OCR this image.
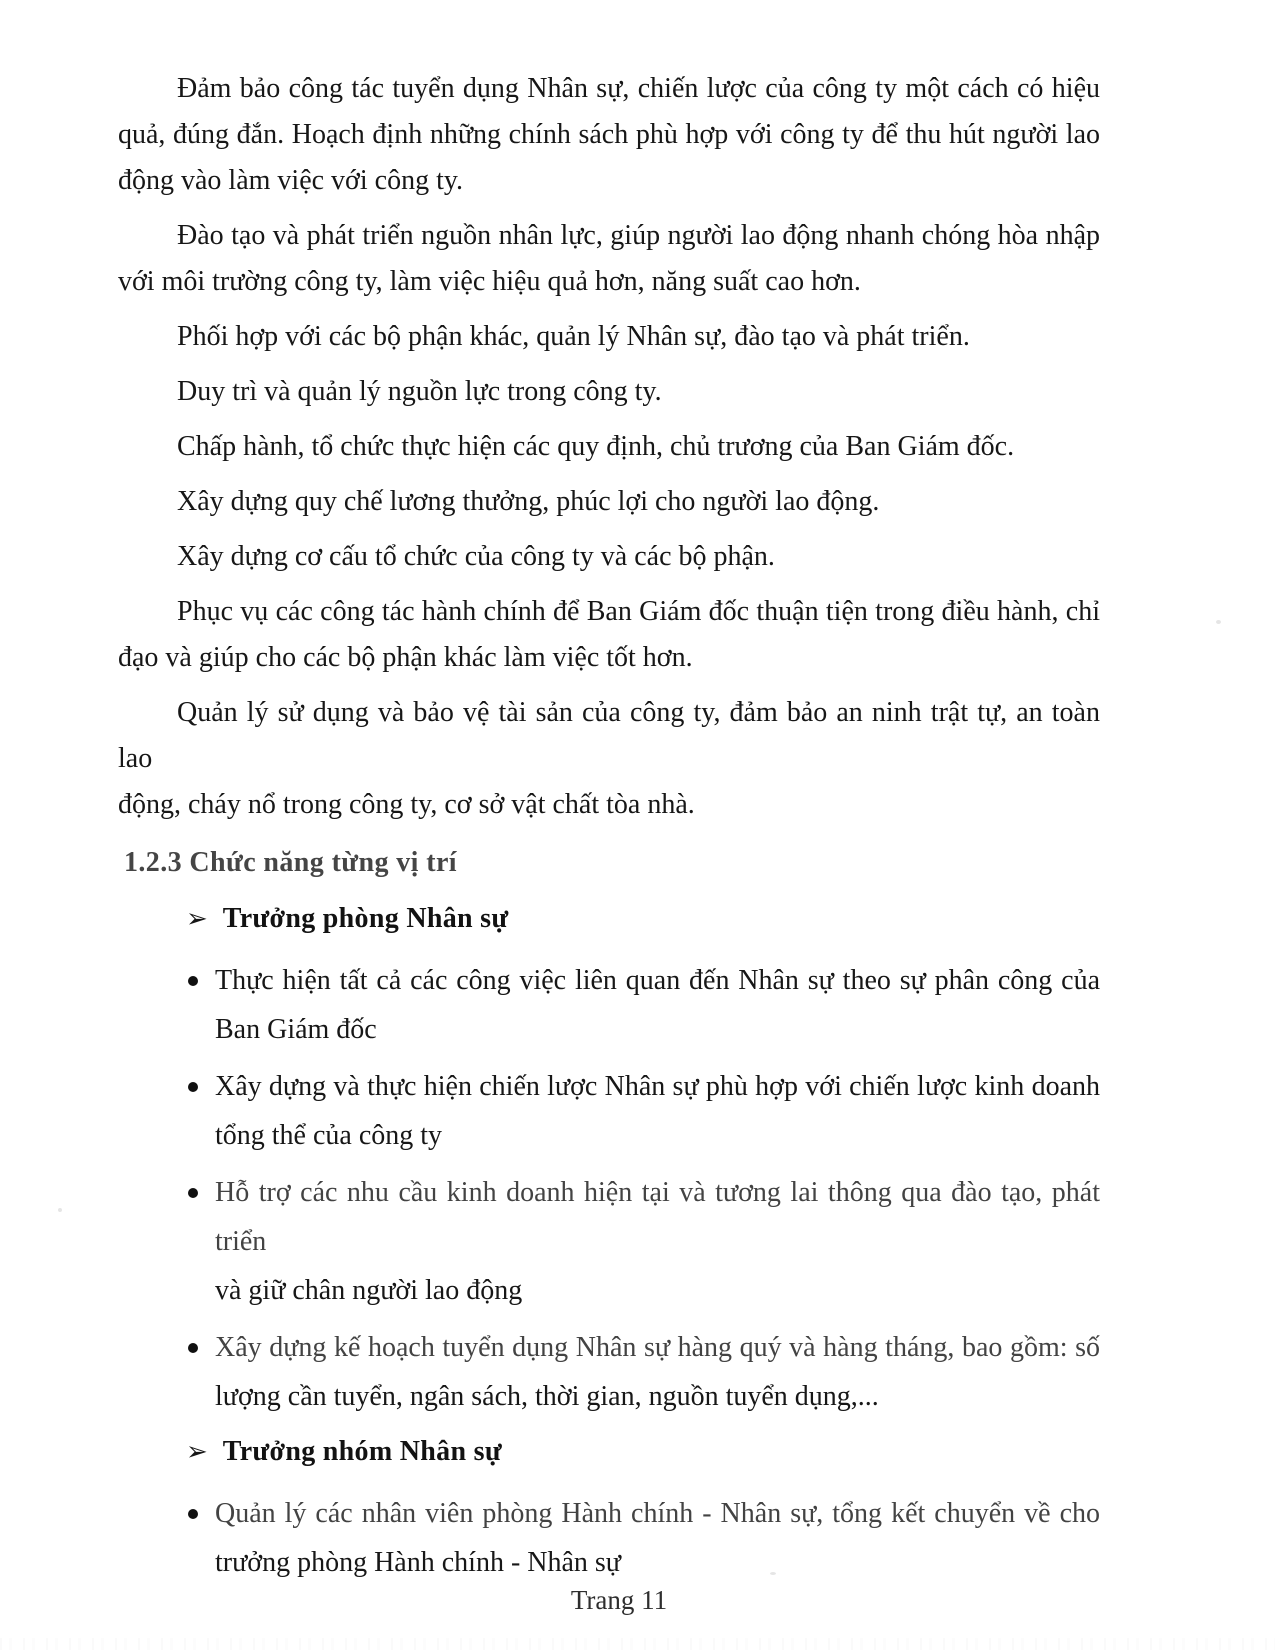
Đảm bảo công tác tuyển dụng Nhân sự, chiến lược của công ty một cách có hiệu
quả, đúng đắn. Hoạch định những chính sách phù hợp với công ty để thu hút người lao
động vào làm việc với công ty.
Đào tạo và phát triển nguồn nhân lực, giúp người lao động nhanh chóng hòa nhập
với môi trường công ty, làm việc hiệu quả hơn, năng suất cao hơn.
Phối hợp với các bộ phận khác, quản lý Nhân sự, đào tạo và phát triển.
Duy trì và quản lý nguồn lực trong công ty.
Chấp hành, tổ chức thực hiện các quy định, chủ trương của Ban Giám đốc.
Xây dựng quy chế lương thưởng, phúc lợi cho người lao động.
Xây dựng cơ cấu tổ chức của công ty và các bộ phận.
Phục vụ các công tác hành chính để Ban Giám đốc thuận tiện trong điều hành, chỉ
đạo và giúp cho các bộ phận khác làm việc tốt hơn.
Quản lý sử dụng và bảo vệ tài sản của công ty, đảm bảo an ninh trật tự, an toàn lao
động, cháy nổ trong công ty, cơ sở vật chất tòa nhà.
1.2.3 Chức năng từng vị trí
➢ Trưởng phòng Nhân sự
Thực hiện tất cả các công việc liên quan đến Nhân sự theo sự phân công của
Ban Giám đốc
Xây dựng và thực hiện chiến lược Nhân sự phù hợp với chiến lược kinh doanh
tổng thể của công ty
Hỗ trợ các nhu cầu kinh doanh hiện tại và tương lai thông qua đào tạo, phát triển
và giữ chân người lao động
Xây dựng kế hoạch tuyển dụng Nhân sự hàng quý và hàng tháng, bao gồm: số
lượng cần tuyển, ngân sách, thời gian, nguồn tuyển dụng,...
➢ Trưởng nhóm Nhân sự
Quản lý các nhân viên phòng Hành chính - Nhân sự, tổng kết chuyển về cho
trưởng phòng Hành chính - Nhân sự
Trang 11
